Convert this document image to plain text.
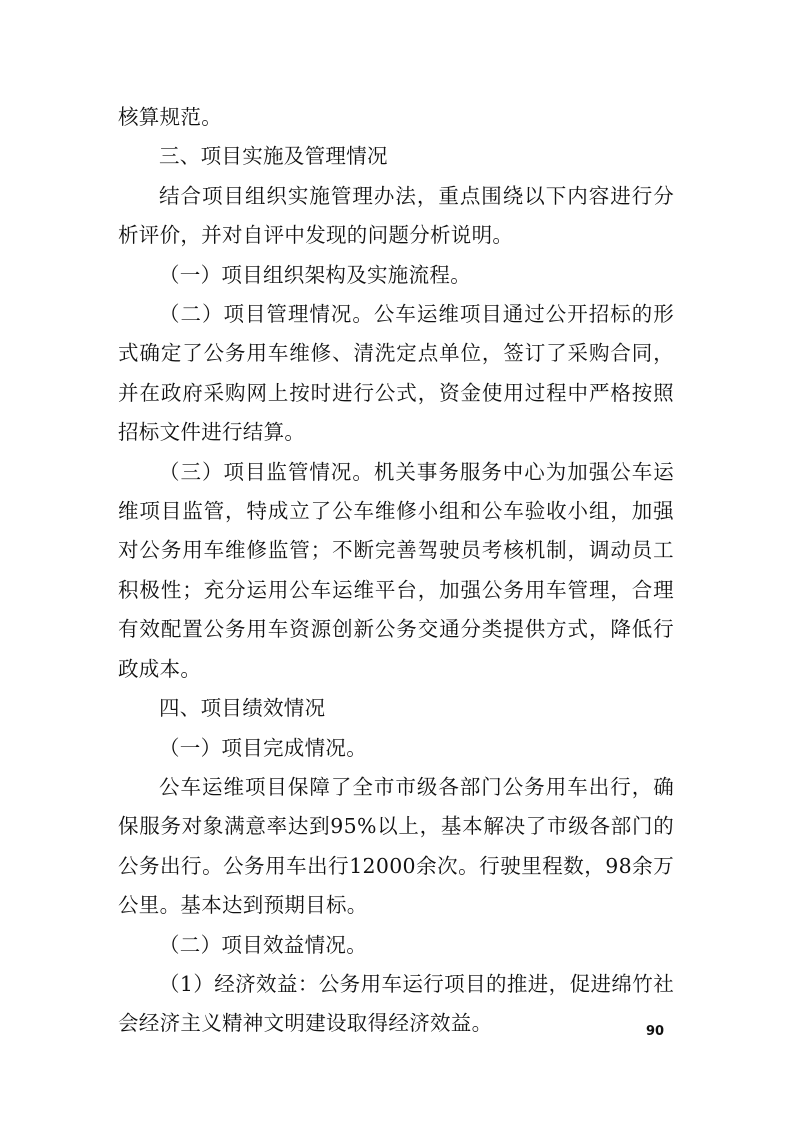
核算规范。

三、项目实施及管理情况

结合项目组织实施管理办法，重点围绕以下内容进行分析评价，并对自评中发现的问题分析说明。

（一）项目组织架构及实施流程。

（二）项目管理情况。公车运维项目通过公开招标的形式确定了公务用车维修、清洗定点单位，签订了采购合同，并在政府采购网上按时进行公式，资金使用过程中严格按照招标文件进行结算。

（三）项目监管情况。机关事务服务中心为加强公车运维项目监管，特成立了公车维修小组和公车验收小组，加强对公务用车维修监管；不断完善驾驶员考核机制，调动员工积极性；充分运用公车运维平台，加强公务用车管理，合理有效配置公务用车资源创新公务交通分类提供方式，降低行政成本。

四、项目绩效情况

（一）项目完成情况。

公车运维项目保障了全市市级各部门公务用车出行，确保服务对象满意率达到95%以上，基本解决了市级各部门的公务出行。公务用车出行12000余次。行驶里程数，98余万公里。基本达到预期目标。

（二）项目效益情况。

（1）经济效益：公务用车运行项目的推进，促进绵竹社会经济主义精神文明建设取得经济效益。	90
